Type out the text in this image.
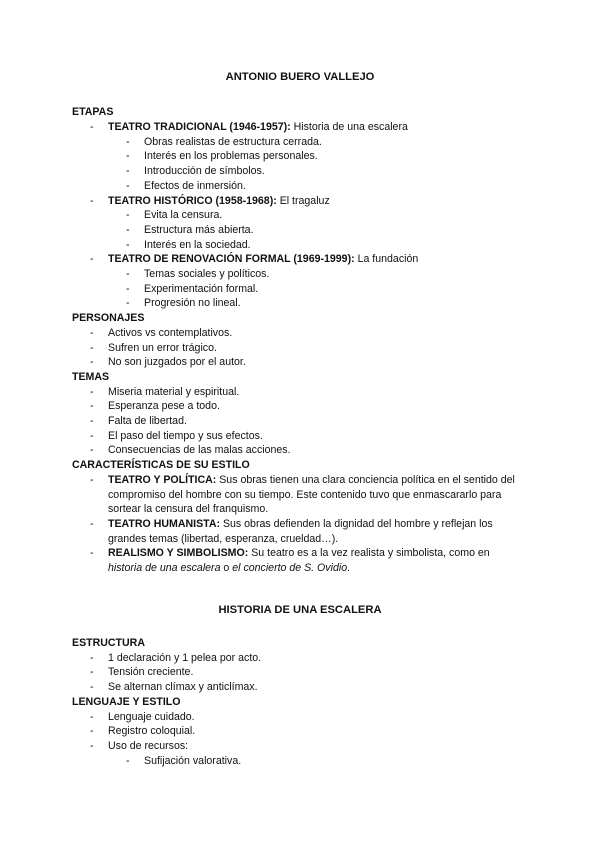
ANTONIO BUERO VALLEJO
ETAPAS
- TEATRO TRADICIONAL (1946-1957): Historia de una escalera
- Obras realistas de estructura cerrada.
- Interés en los problemas personales.
- Introducción de símbolos.
- Efectos de inmersión.
- TEATRO HISTÓRICO (1958-1968): El tragaluz
- Evita la censura.
- Estructura más abierta.
- Interés en la sociedad.
- TEATRO DE RENOVACIÓN FORMAL (1969-1999): La fundación
- Temas sociales y políticos.
- Experimentación formal.
- Progresión no lineal.
PERSONAJES
- Activos vs contemplativos.
- Sufren un error trágico.
- No son juzgados por el autor.
TEMAS
- Miseria material y espiritual.
- Esperanza pese a todo.
- Falta de libertad.
- El paso del tiempo y sus efectos.
- Consecuencias de las malas acciones.
CARACTERÍSTICAS DE SU ESTILO
- TEATRO Y POLÍTICA: Sus obras tienen una clara conciencia política en el sentido del compromiso del hombre con su tiempo. Este contenido tuvo que enmascararlo para sortear la censura del franquismo.
- TEATRO HUMANISTA: Sus obras defienden la dignidad del hombre y reflejan los grandes temas (libertad, esperanza, crueldad…).
- REALISMO Y SIMBOLISMO: Su teatro es a la vez realista y simbolista, como en historia de una escalera o el concierto de S. Ovidio.
HISTORIA DE UNA ESCALERA
ESTRUCTURA
- 1 declaración y 1 pelea por acto.
- Tensión creciente.
- Se alternan clímax y anticlímax.
LENGUAJE Y ESTILO
- Lenguaje cuidado.
- Registro coloquial.
- Uso de recursos:
- Sufijación valorativa.
